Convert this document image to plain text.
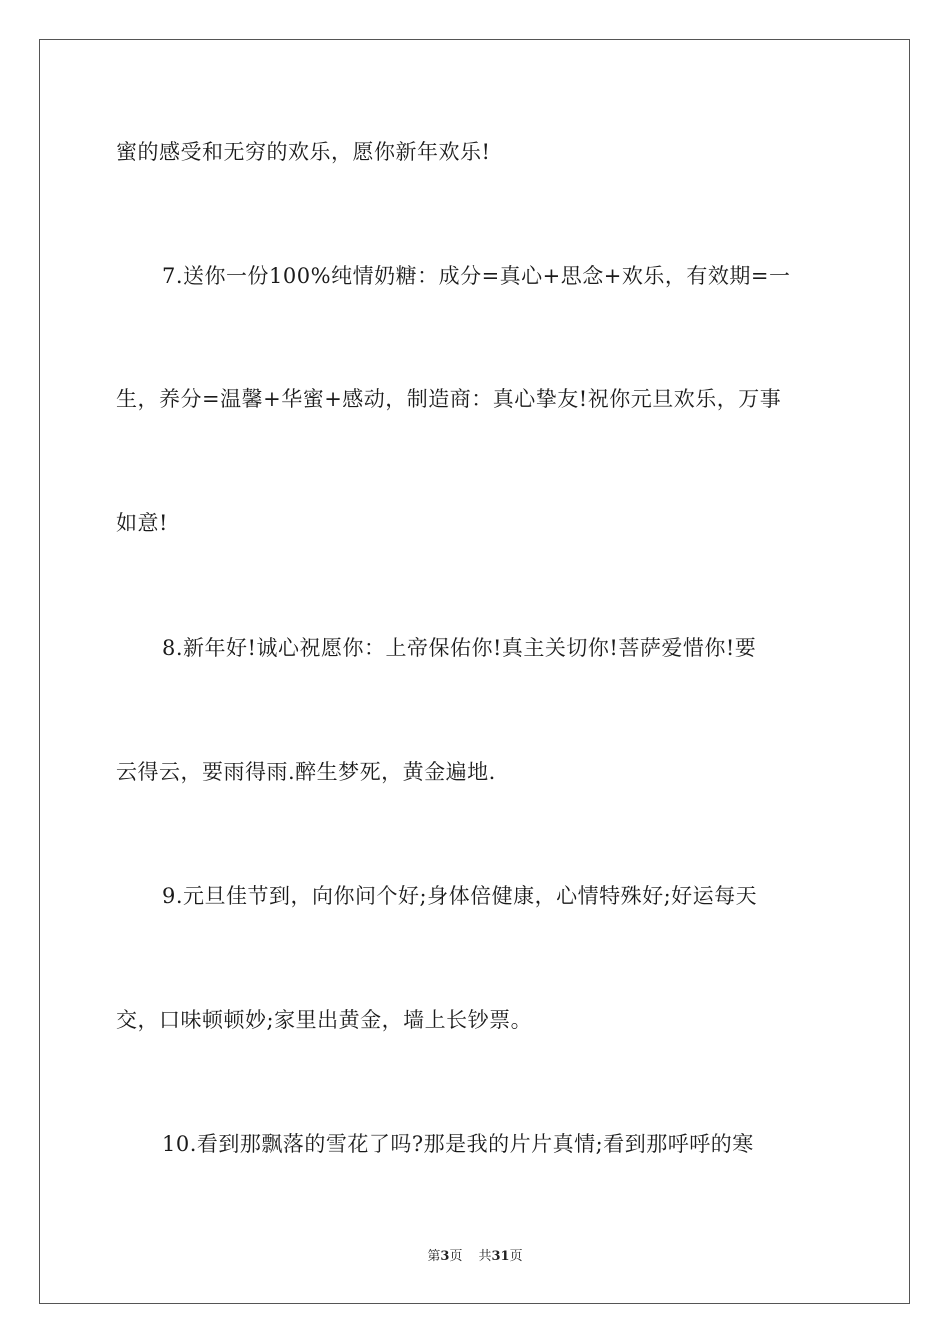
蜜的感受和无穷的欢乐，愿你新年欢乐!
7.送你一份100%纯情奶糖：成分=真心+思念+欢乐，有效期=一
生，养分=温馨+华蜜+感动，制造商：真心挚友!祝你元旦欢乐，万事
如意!
8.新年好!诚心祝愿你：上帝保佑你!真主关切你!菩萨爱惜你!要
云得云，要雨得雨.醉生梦死，黄金遍地.
9.元旦佳节到，向你问个好;身体倍健康，心情特殊好;好运每天
交，口味顿顿妙;家里出黄金，墙上长钞票。
10.看到那飘落的雪花了吗?那是我的片片真情;看到那呼呼的寒
第3页 共31页
